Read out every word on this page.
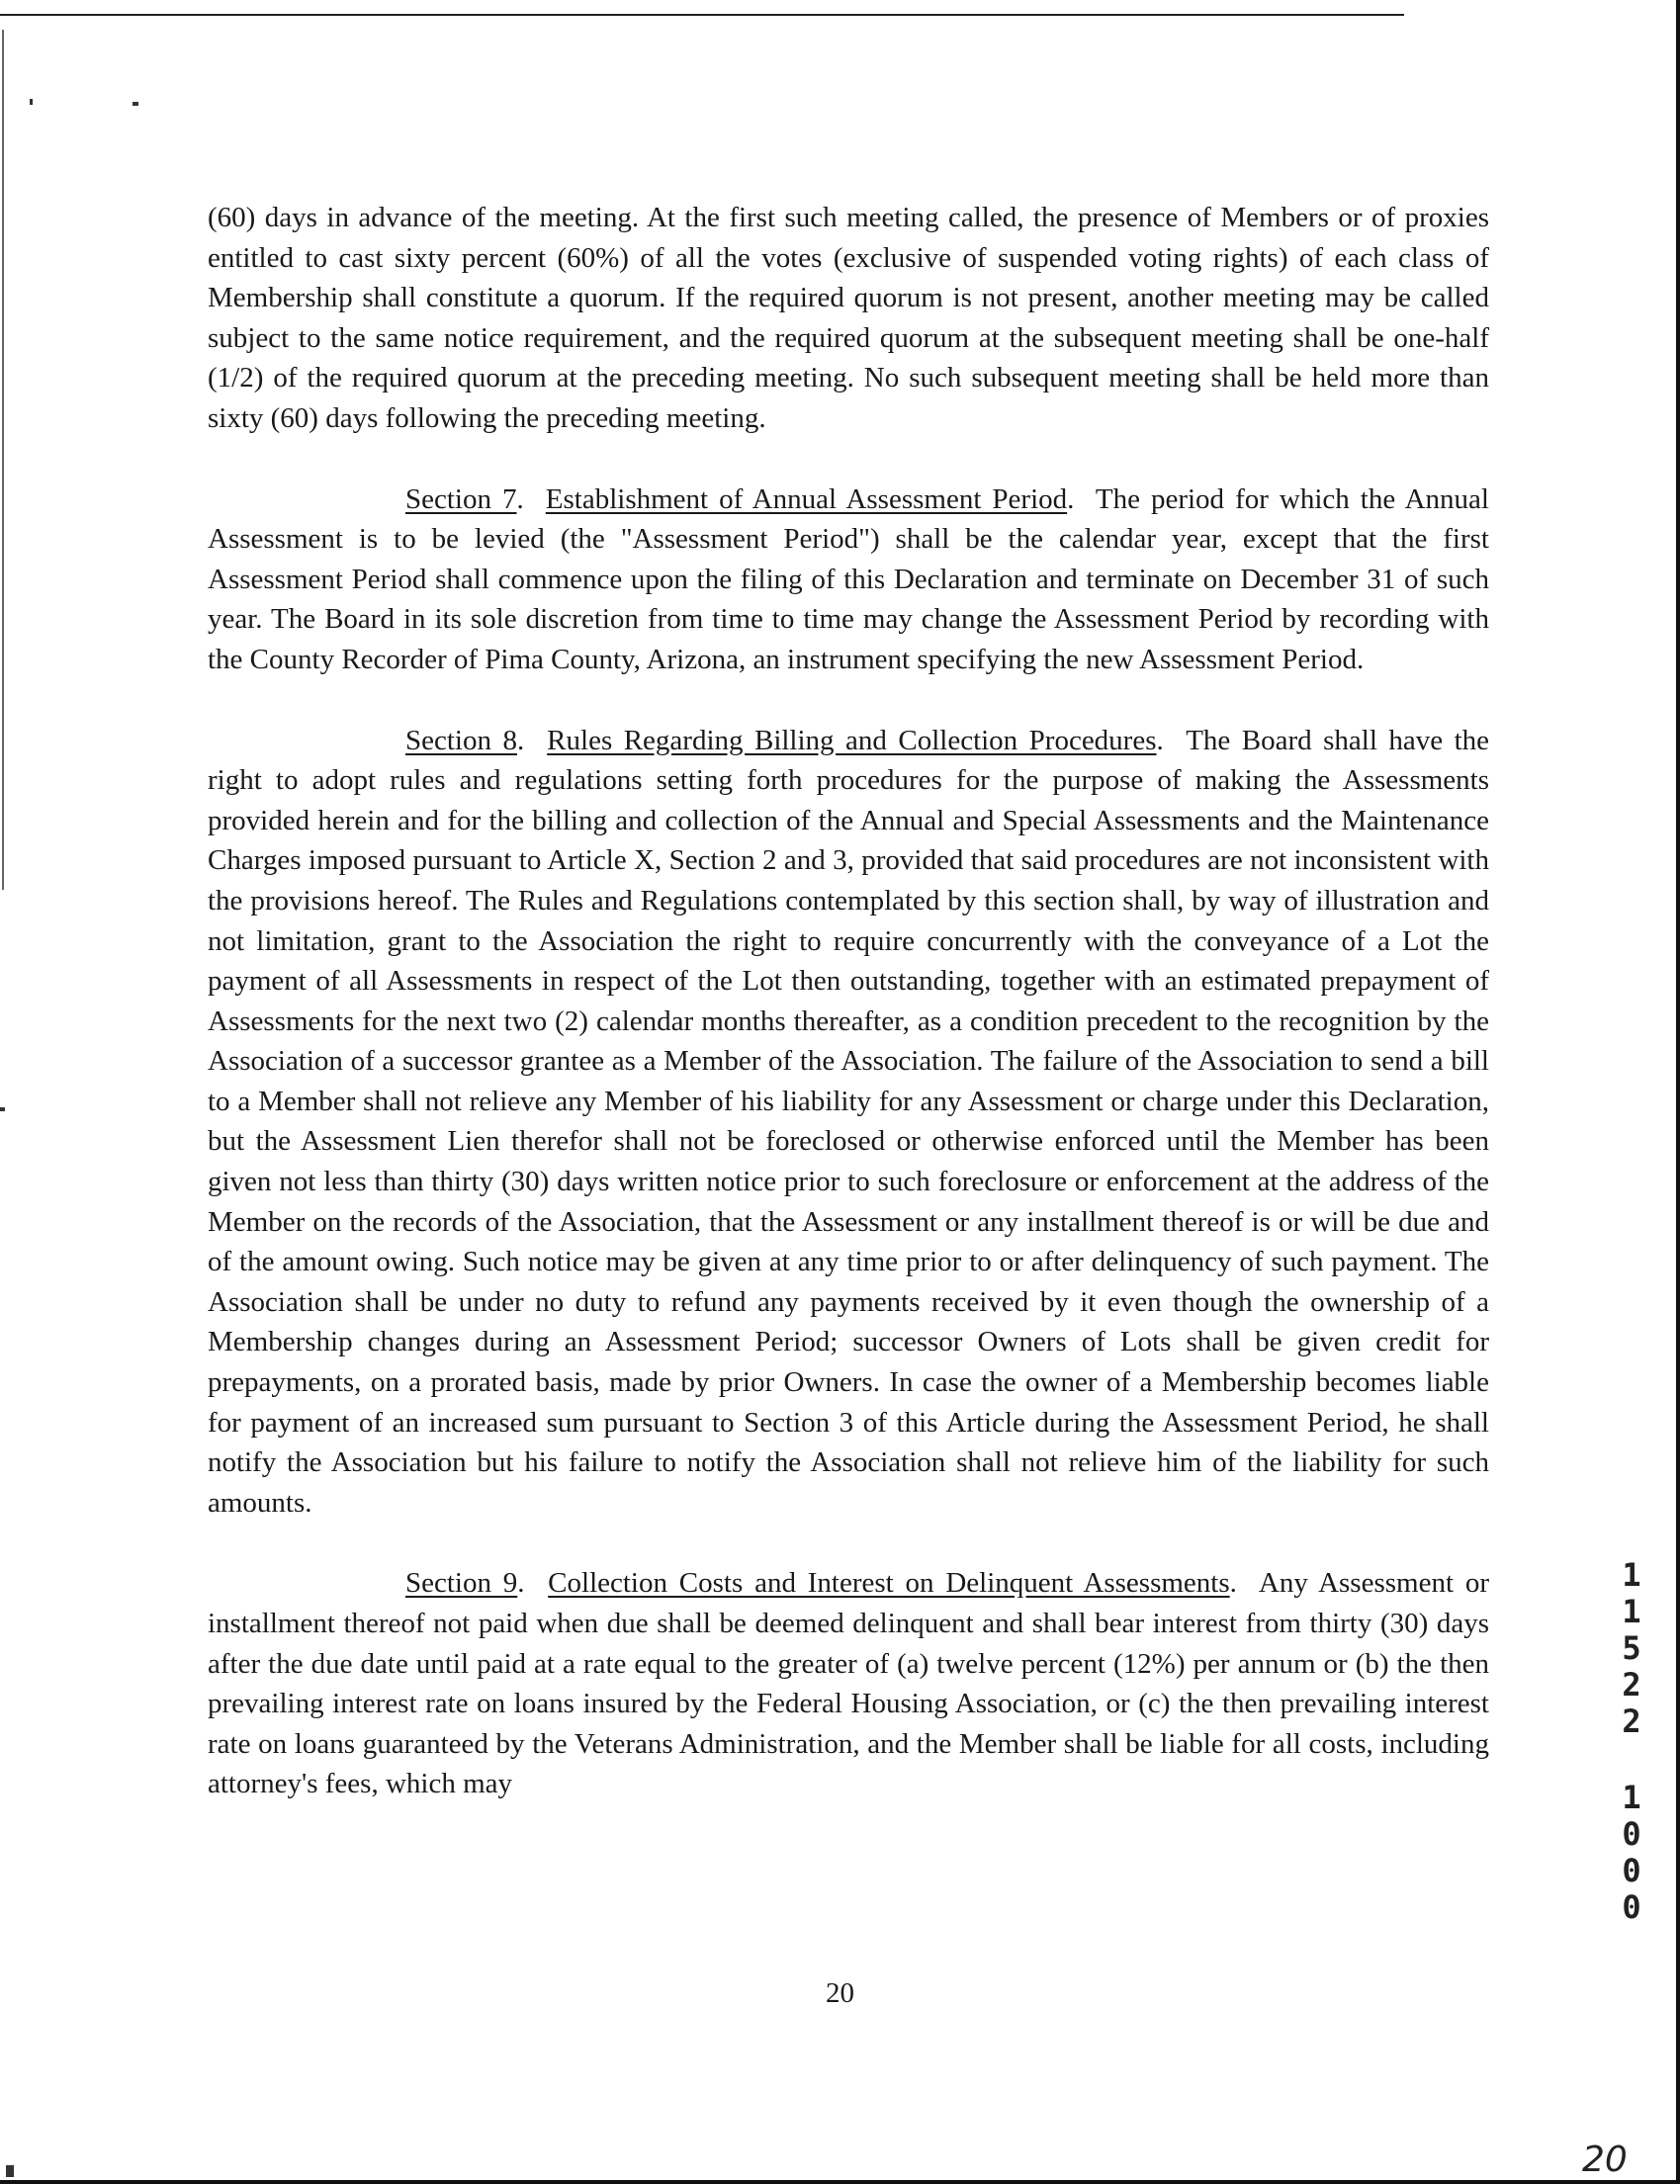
(60) days in advance of the meeting. At the first such meeting called, the presence of Members or of proxies entitled to cast sixty percent (60%) of all the votes (exclusive of suspended voting rights) of each class of Membership shall constitute a quorum. If the required quorum is not present, another meeting may be called subject to the same notice requirement, and the required quorum at the subsequent meeting shall be one-half (1/2) of the required quorum at the preceding meeting. No such subsequent meeting shall be held more than sixty (60) days following the preceding meeting.

Section 7.  Establishment of Annual Assessment Period.  The period for which the Annual Assessment is to be levied (the "Assessment Period") shall be the calendar year, except that the first Assessment Period shall commence upon the filing of this Declaration and terminate on December 31 of such year. The Board in its sole discretion from time to time may change the Assessment Period by recording with the County Recorder of Pima County, Arizona, an instrument specifying the new Assessment Period.

Section 8.  Rules Regarding Billing and Collection Procedures.  The Board shall have the right to adopt rules and regulations setting forth procedures for the purpose of making the Assessments provided herein and for the billing and collection of the Annual and Special Assessments and the Maintenance Charges imposed pursuant to Article X, Section 2 and 3, provided that said procedures are not inconsistent with the provisions hereof. The Rules and Regulations contemplated by this section shall, by way of illustration and not limitation, grant to the Association the right to require concurrently with the conveyance of a Lot the payment of all Assessments in respect of the Lot then outstanding, together with an estimated prepayment of Assessments for the next two (2) calendar months thereafter, as a condition precedent to the recognition by the Association of a successor grantee as a Member of the Association. The failure of the Association to send a bill to a Member shall not relieve any Member of his liability for any Assessment or charge under this Declaration, but the Assessment Lien therefor shall not be foreclosed or otherwise enforced until the Member has been given not less than thirty (30) days written notice prior to such foreclosure or enforcement at the address of the Member on the records of the Association, that the Assessment or any installment thereof is or will be due and of the amount owing. Such notice may be given at any time prior to or after delinquency of such payment. The Association shall be under no duty to refund any payments received by it even though the ownership of a Membership changes during an Assessment Period; successor Owners of Lots shall be given credit for prepayments, on a prorated basis, made by prior Owners. In case the owner of a Membership becomes liable for payment of an increased sum pursuant to Section 3 of this Article during the Assessment Period, he shall notify the Association but his failure to notify the Association shall not relieve him of the liability for such amounts.

Section 9.  Collection Costs and Interest on Delinquent Assessments.  Any Assessment or installment thereof not paid when due shall be deemed delinquent and shall bear interest from thirty (30) days after the due date until paid at a rate equal to the greater of (a) twelve percent (12%) per annum or (b) the then prevailing interest rate on loans insured by the Federal Housing Association, or (c) the then prevailing interest rate on loans guaranteed by the Veterans Administration, and the Member shall be liable for all costs, including attorney's fees, which may

20
1
1
5
2
2
1
0
0
0
20
